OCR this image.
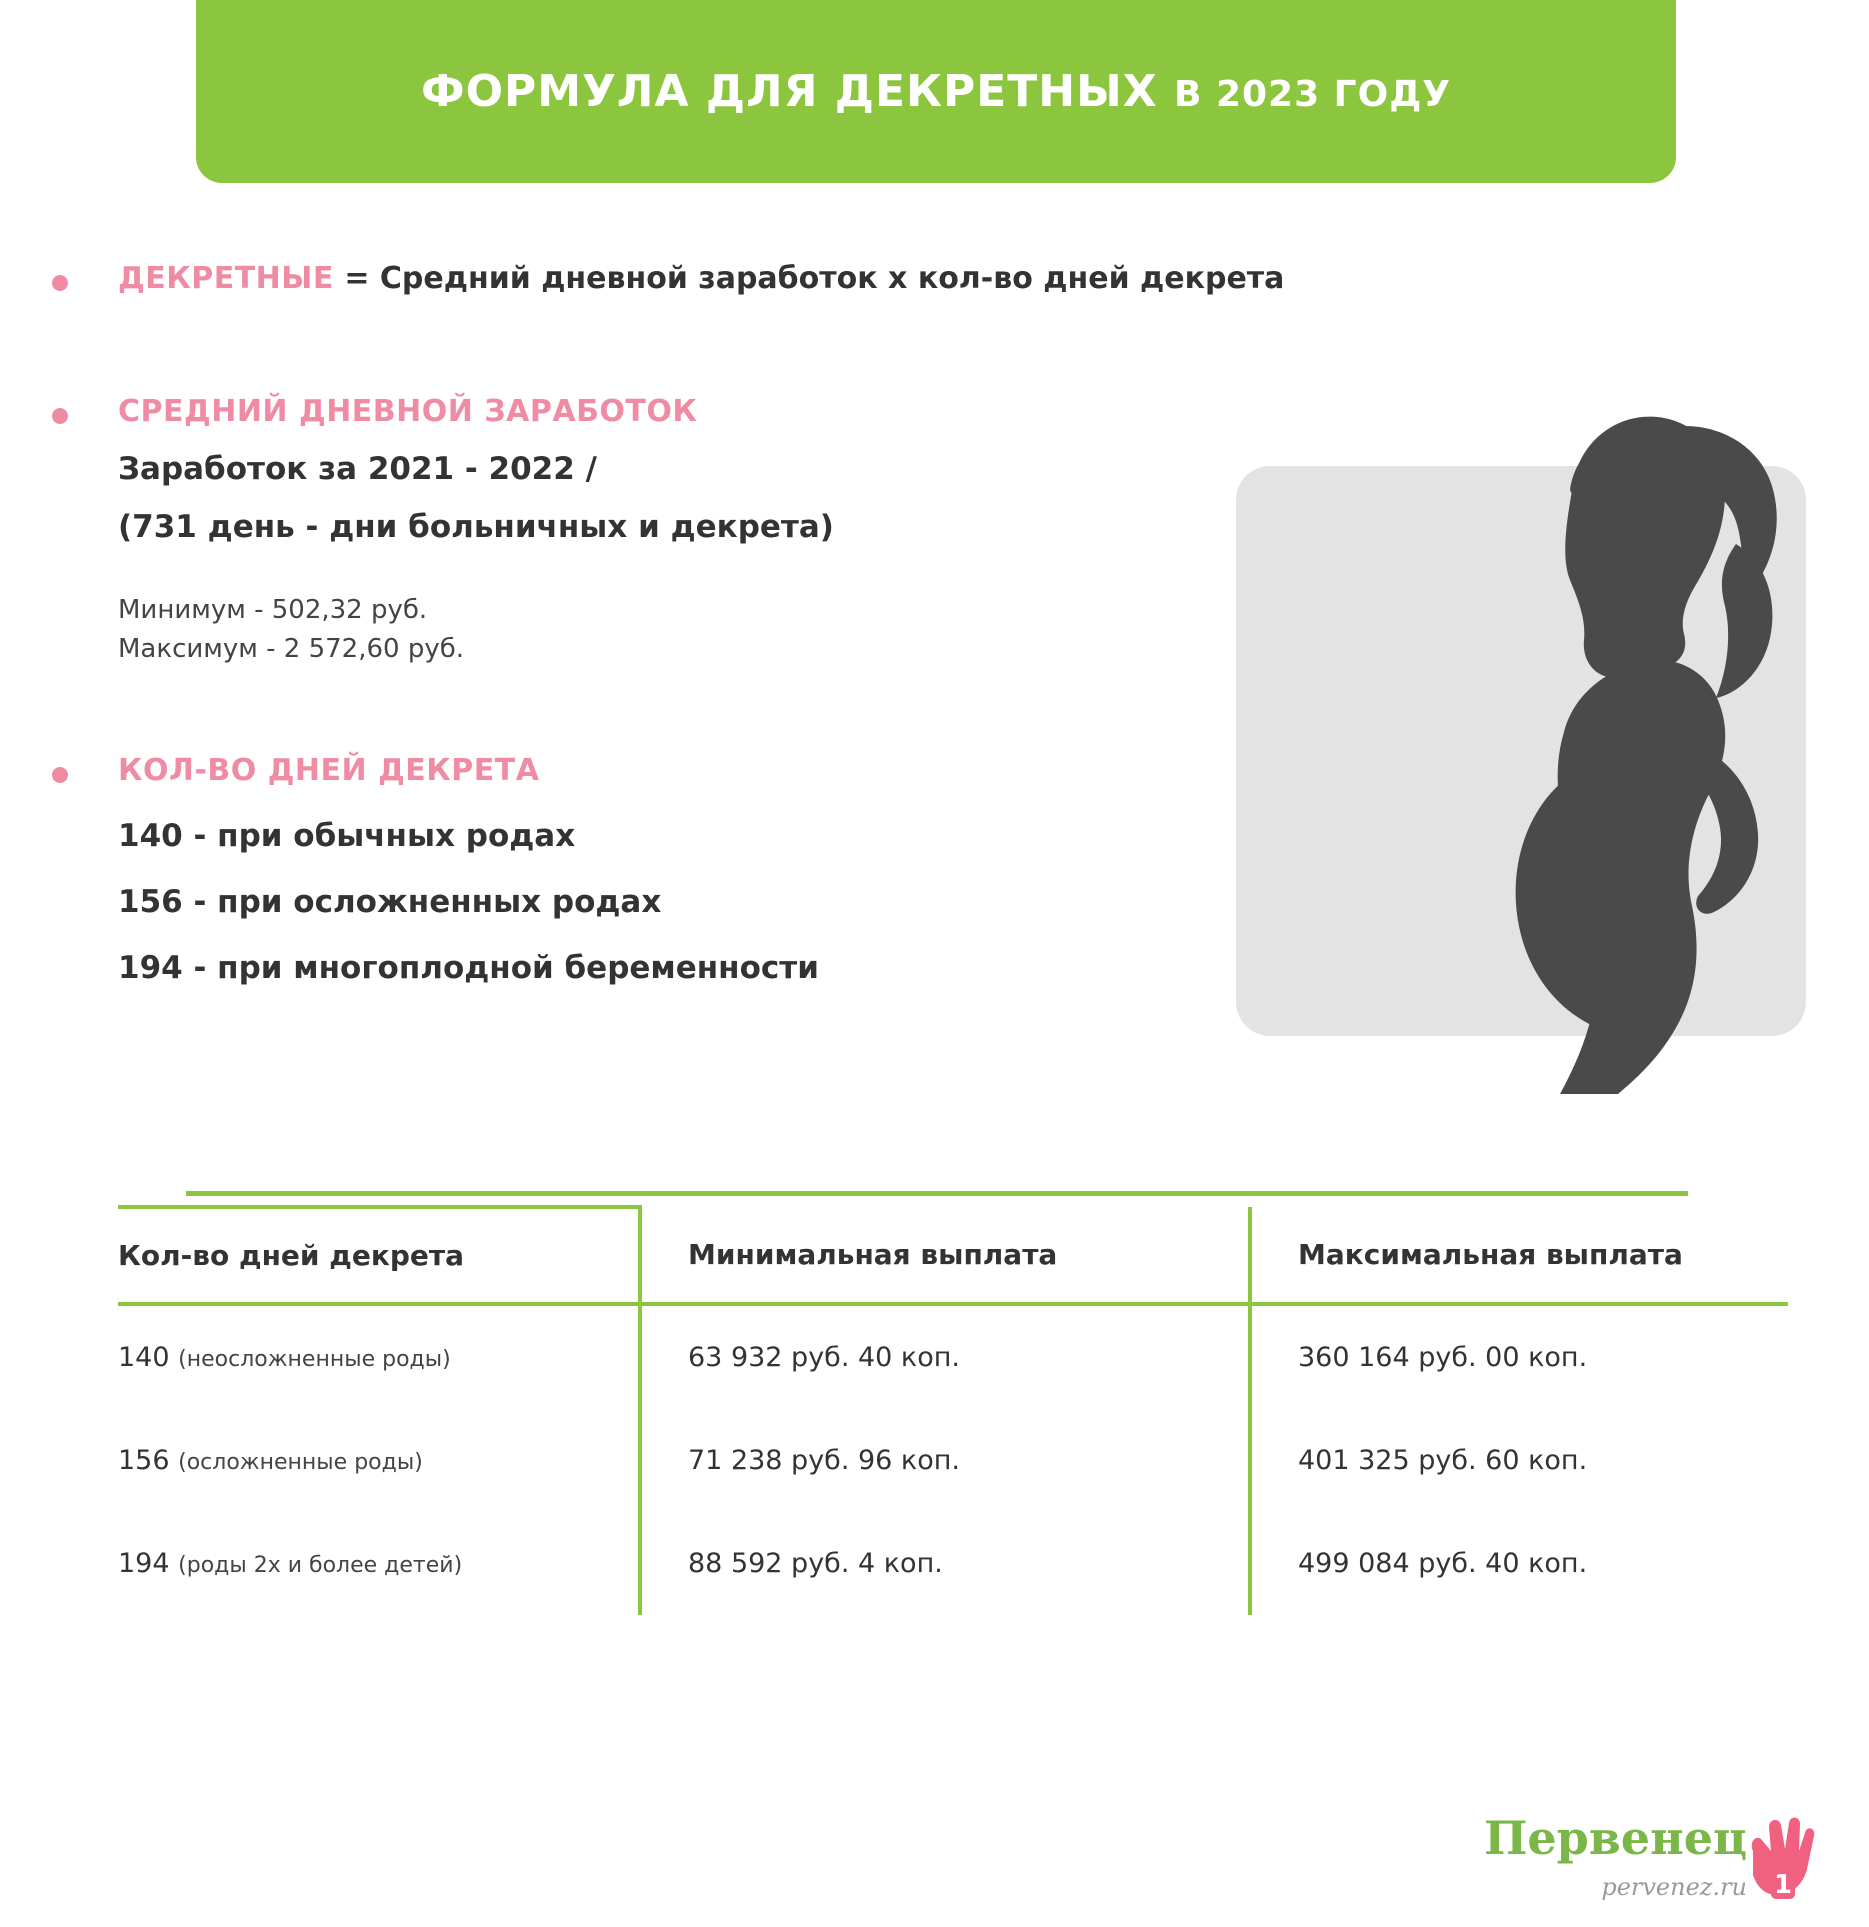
ФОРМУЛА ДЛЯ ДЕКРЕТНЫХ В 2023 ГОДУ
ДЕКРЕТНЫЕ = Средний дневной заработок х кол-во дней декрета
СРЕДНИЙ ДНЕВНОЙ ЗАРАБОТОК
Заработок за 2021 - 2022 /
(731 день - дни больничных и декрета)
Минимум - 502,32 руб.
Максимум - 2 572,60 руб.
КОЛ-ВО ДНЕЙ ДЕКРЕТА
140 - при обычных родах
156 - при осложненных родах
194 - при многоплодной беременности
Кол-во дней декрета	Минимальная выплата	Максимальная выплата
140 (неосложненные роды)	63 932 руб. 40 коп.	360 164 руб. 00 коп.
156 (осложненные роды)	71 238 руб. 96 коп.	401 325 руб. 60 коп.
194 (роды 2х и более детей)	88 592 руб. 4 коп.	499 084 руб. 40 коп.
Первенец
pervenez.ru 1
